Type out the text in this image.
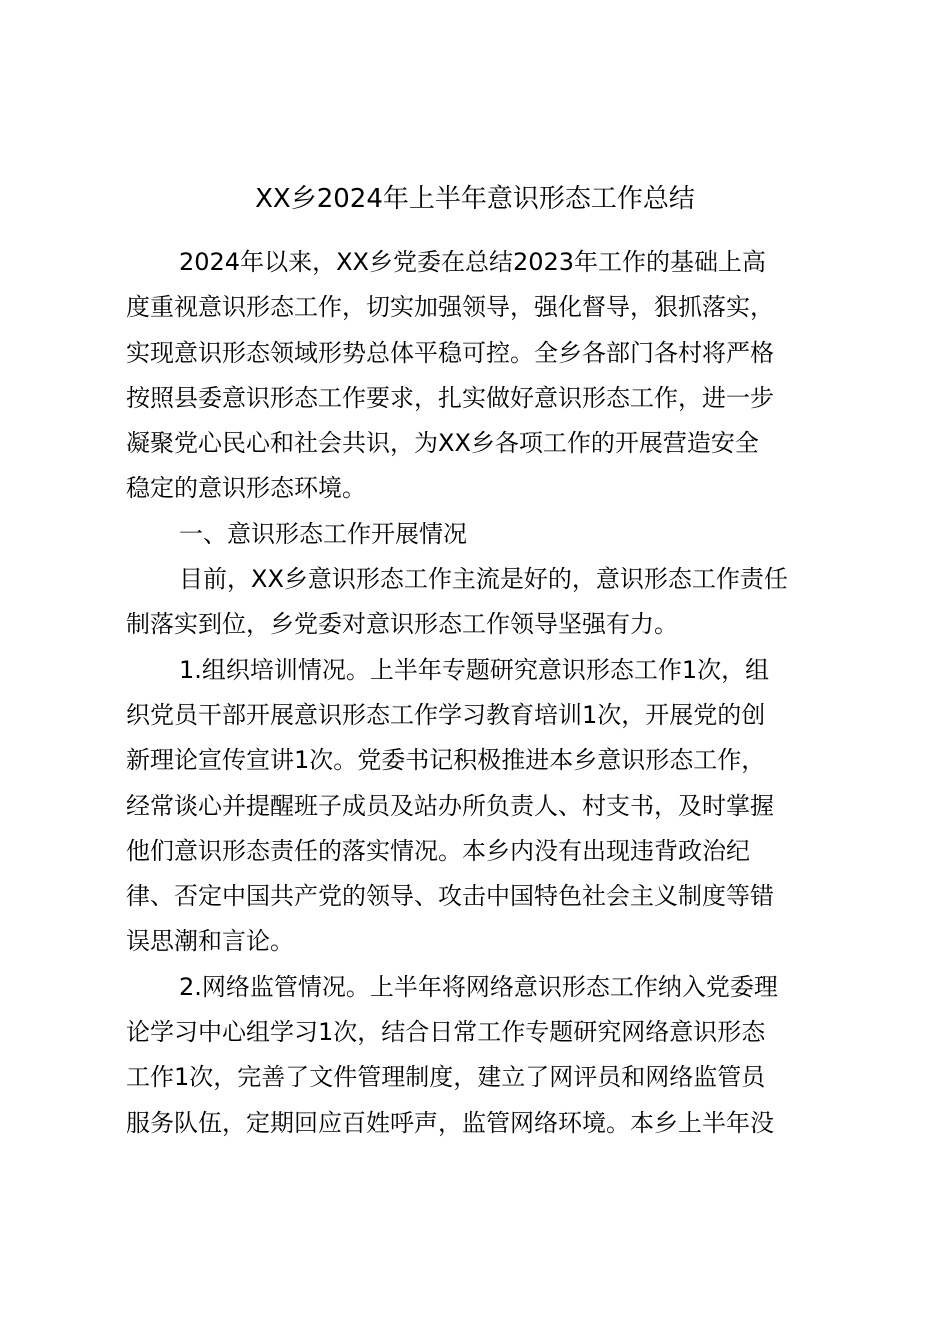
XX乡2024年上半年意识形态工作总结
2024年以来，XX乡党委在总结2023年工作的基础上高
度重视意识形态工作，切实加强领导，强化督导，狠抓落实，
实现意识形态领域形势总体平稳可控。全乡各部门各村将严格
按照县委意识形态工作要求，扎实做好意识形态工作，进一步
凝聚党心民心和社会共识，为XX乡各项工作的开展营造安全
稳定的意识形态环境。
一、意识形态工作开展情况
目前，XX乡意识形态工作主流是好的，意识形态工作责任
制落实到位，乡党委对意识形态工作领导坚强有力。
1.组织培训情况。上半年专题研究意识形态工作1次，组
织党员干部开展意识形态工作学习教育培训1次，开展党的创
新理论宣传宣讲1次。党委书记积极推进本乡意识形态工作，
经常谈心并提醒班子成员及站办所负责人、村支书，及时掌握
他们意识形态责任的落实情况。本乡内没有出现违背政治纪
律、否定中国共产党的领导、攻击中国特色社会主义制度等错
误思潮和言论。
2.网络监管情况。上半年将网络意识形态工作纳入党委理
论学习中心组学习1次，结合日常工作专题研究网络意识形态
工作1次，完善了文件管理制度，建立了网评员和网络监管员
服务队伍，定期回应百姓呼声，监管网络环境。本乡上半年没
